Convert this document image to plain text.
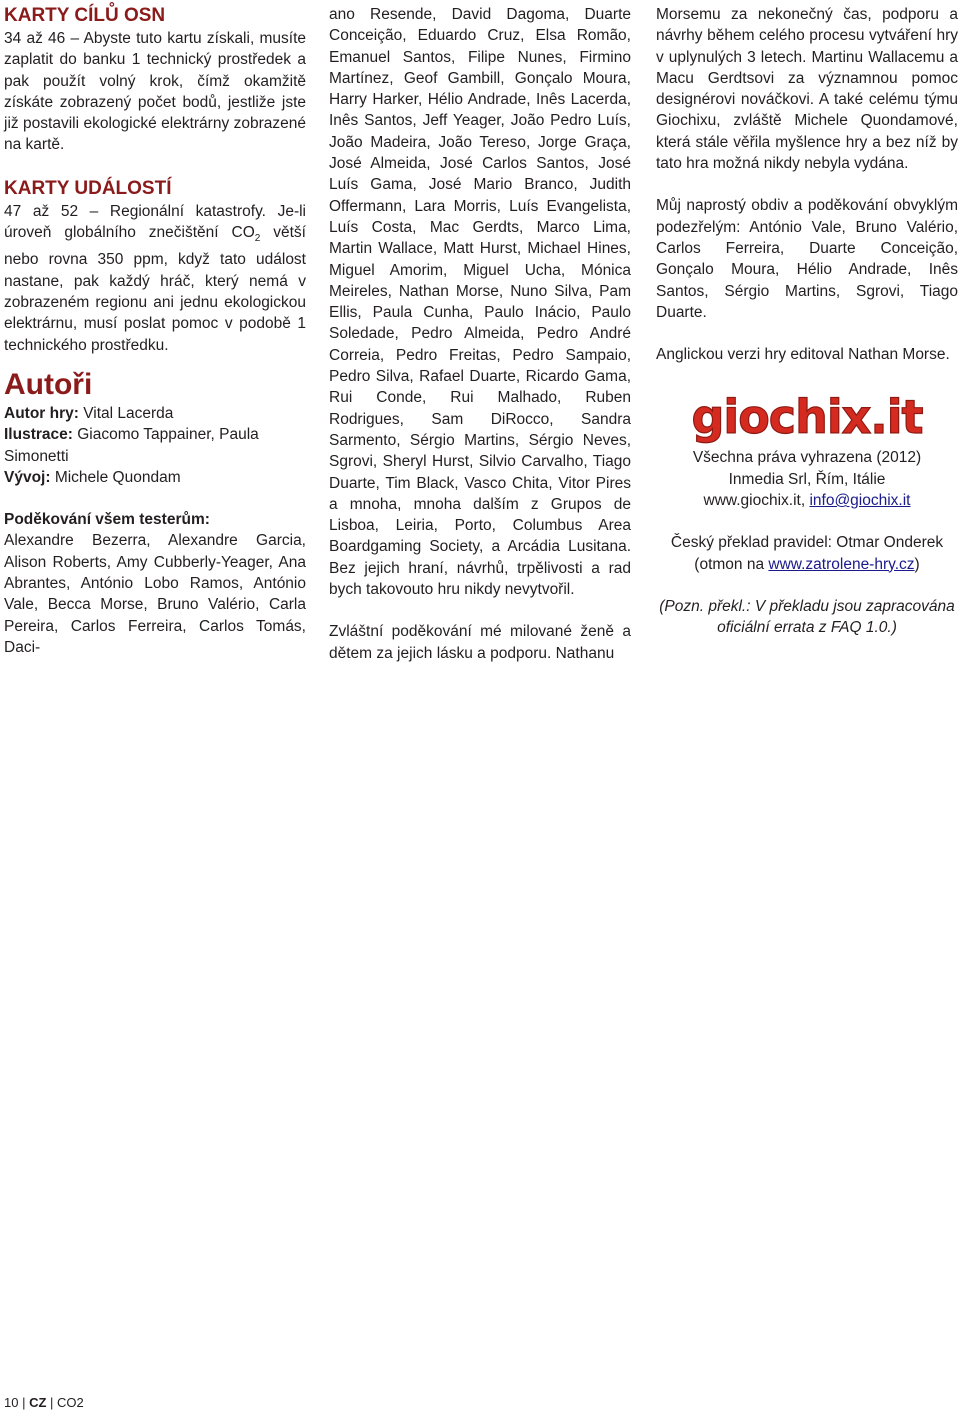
KARTY CÍLŮ OSN

34 až 46 – Abyste tuto kartu získali, musíte zaplatit do banku 1 technický prostředek a pak použít volný krok, čímž okamžitě získáte zobrazený počet bodů, jestliže jste již postavili ekologické elektrárny zobrazené na kartě.

KARTY UDÁLOSTÍ

47 až 52 – Regionální katastrofy. Je-li úroveň globálního znečištění $CO_2$ větší nebo rovna 350 ppm, když tato událost nastane, pak každý hráč, který nemá v zobrazeném regionu ani jednu ekologickou elektrárnu, musí poslat pomoc v podobě 1 technického prostředku.

Autoři

Autor hry: Vital Lacerda

Ilustrace: Giacomo Tappainer, Paula Simonetti

Vývoj: Michele Quondam

Poděkování všem testerům:

Alexandre Bezerra, Alexandre Garcia, Alison Roberts, Amy Cubberly-Yeager, Ana Abrantes, António Lobo Ramos, António Vale, Becca Morse, Bruno Valério, Carla Pereira, Carlos Ferreira, Carlos Tomás, Daci-

ano Resende, David Dagoma, Duarte Conceição, Eduardo Cruz, Elsa Romão, Emanuel Santos, Filipe Nunes, Firmino Martínez, Geof Gambill, Gonçalo Moura, Harry Harker, Hélio Andrade, Inês Lacerda, Inês Santos, Jeff Yeager, João Pedro Luís, João Madeira, João Tereso, Jorge Graça, José Almeida, José Carlos Santos, José Luís Gama, José Mario Branco, Judith Offermann, Lara Morris, Luís Evangelista, Luís Costa, Mac Gerdts, Marco Lima, Martin Wallace, Matt Hurst, Michael Hines, Miguel Amorim, Miguel Ucha, Mónica Meireles, Nathan Morse, Nuno Silva, Pam Ellis, Paula Cunha, Paulo Inácio, Paulo Soledade, Pedro Almeida, Pedro André Correia, Pedro Freitas, Pedro Sampaio, Pedro Silva, Rafael Duarte, Ricardo Gama, Rui Conde, Rui Malhado, Ruben Rodrigues, Sam DiRocco, Sandra Sarmento, Sérgio Martins, Sérgio Neves, Sgrovi, Sheryl Hurst, Silvio Carvalho, Tiago Duarte, Tim Black, Vasco Chita, Vitor Pires a mnoha, mnoha dalším z Grupos de Lisboa, Leiria, Porto, Columbus Area Boardgaming Society, a Arcádia Lusitana. Bez jejich hraní, návrhů, trpělivosti a rad bych takovouto hru nikdy nevytvořil.

Zvláštní poděkování mé milované ženě a dětem za jejich lásku a podporu. Nathanu

Morsemu za nekonečný čas, podporu a návrhy během celého procesu vytváření hry v uplynulých 3 letech. Martinu Wallacemu a Macu Gerdtsovi za významnou pomoc designérovi nováčkovi. A také celému týmu Giochixu, zvláště Michele Quondamové, která stále věřila myšlence hry a bez níž by tato hra možná nikdy nebyla vydána.

Můj naprostý obdiv a poděkování obvyklým podezřelým: António Vale, Bruno Valério, Carlos Ferreira, Duarte Conceição, Gonçalo Moura, Hélio Andrade, Inês Santos, Sérgio Martins, Sgrovi, Tiago Duarte.

Anglickou verzi hry editoval Nathan Morse.

giochix.it

Všechna práva vyhrazena (2012)

Inmedia Srl, Řím, Itálie

www.giochix.it, info@giochix.it

Český překlad pravidel: Otmar Onderek

(otmon na www.zatrolene-hry.cz)

(Pozn. překl.: V překladu jsou zapracována oficiální errata z FAQ 1.0.)

10 | CZ | CO2
